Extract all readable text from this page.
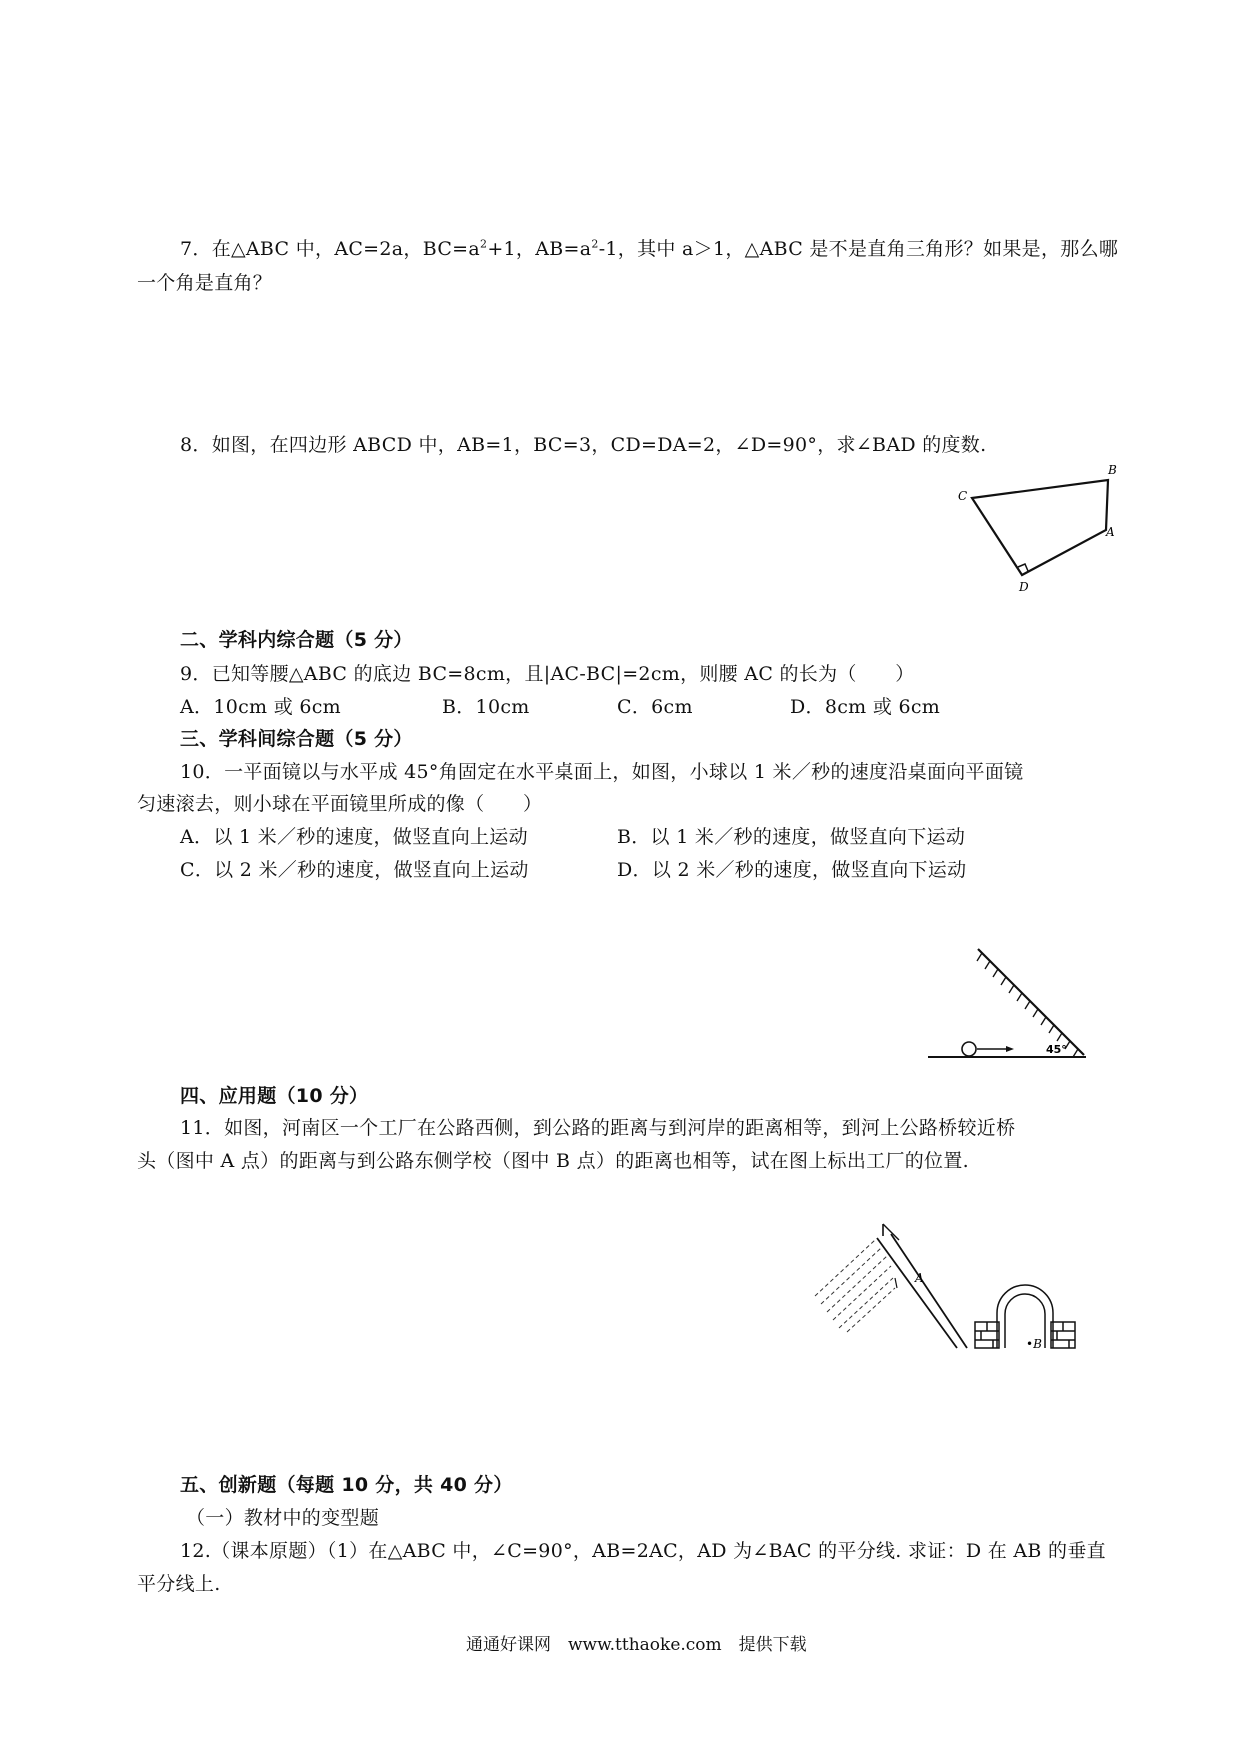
7．在△ABC 中，AC=2a，$BC=a^2+1$，$AB=a^2-1$，其中 a＞1，△ABC 是不是直角三角形？如果是，那么哪
一个角是直角？
8．如图，在四边形 ABCD 中，AB=1，BC=3，CD=DA=2，∠D=90°，求∠BAD 的度数.
C
B
A
D
二、学科内综合题（5 分）
9．已知等腰△ABC 的底边 BC=8cm，且|AC-BC|=2cm，则腰 AC 的长为（　　）
A．10cm 或 6cm	B．10cm	C．6cm	D．8cm 或 6cm
三、学科间综合题（5 分）
10．一平面镜以与水平成 45°角固定在水平桌面上，如图，小球以 1 米／秒的速度沿桌面向平面镜
匀速滚去，则小球在平面镜里所成的像（　　）
A．以 1 米／秒的速度，做竖直向上运动	B．以 1 米／秒的速度，做竖直向下运动
C．以 2 米／秒的速度，做竖直向上运动	D．以 2 米／秒的速度，做竖直向下运动
45°
四、应用题（10 分）
11．如图，河南区一个工厂在公路西侧，到公路的距离与到河岸的距离相等，到河上公路桥较近桥
头（图中 A 点）的距离与到公路东侧学校（图中 B 点）的距离也相等，试在图上标出工厂的位置.
A
•B
五、创新题（每题 10 分，共 40 分）
（一）教材中的变型题
12.（课本原题）（1）在△ABC 中，∠C=90°，AB=2AC，AD 为∠BAC 的平分线. 求证：D 在 AB 的垂直
平分线上.
通通好课网　www.tthaoke.com　提供下载
